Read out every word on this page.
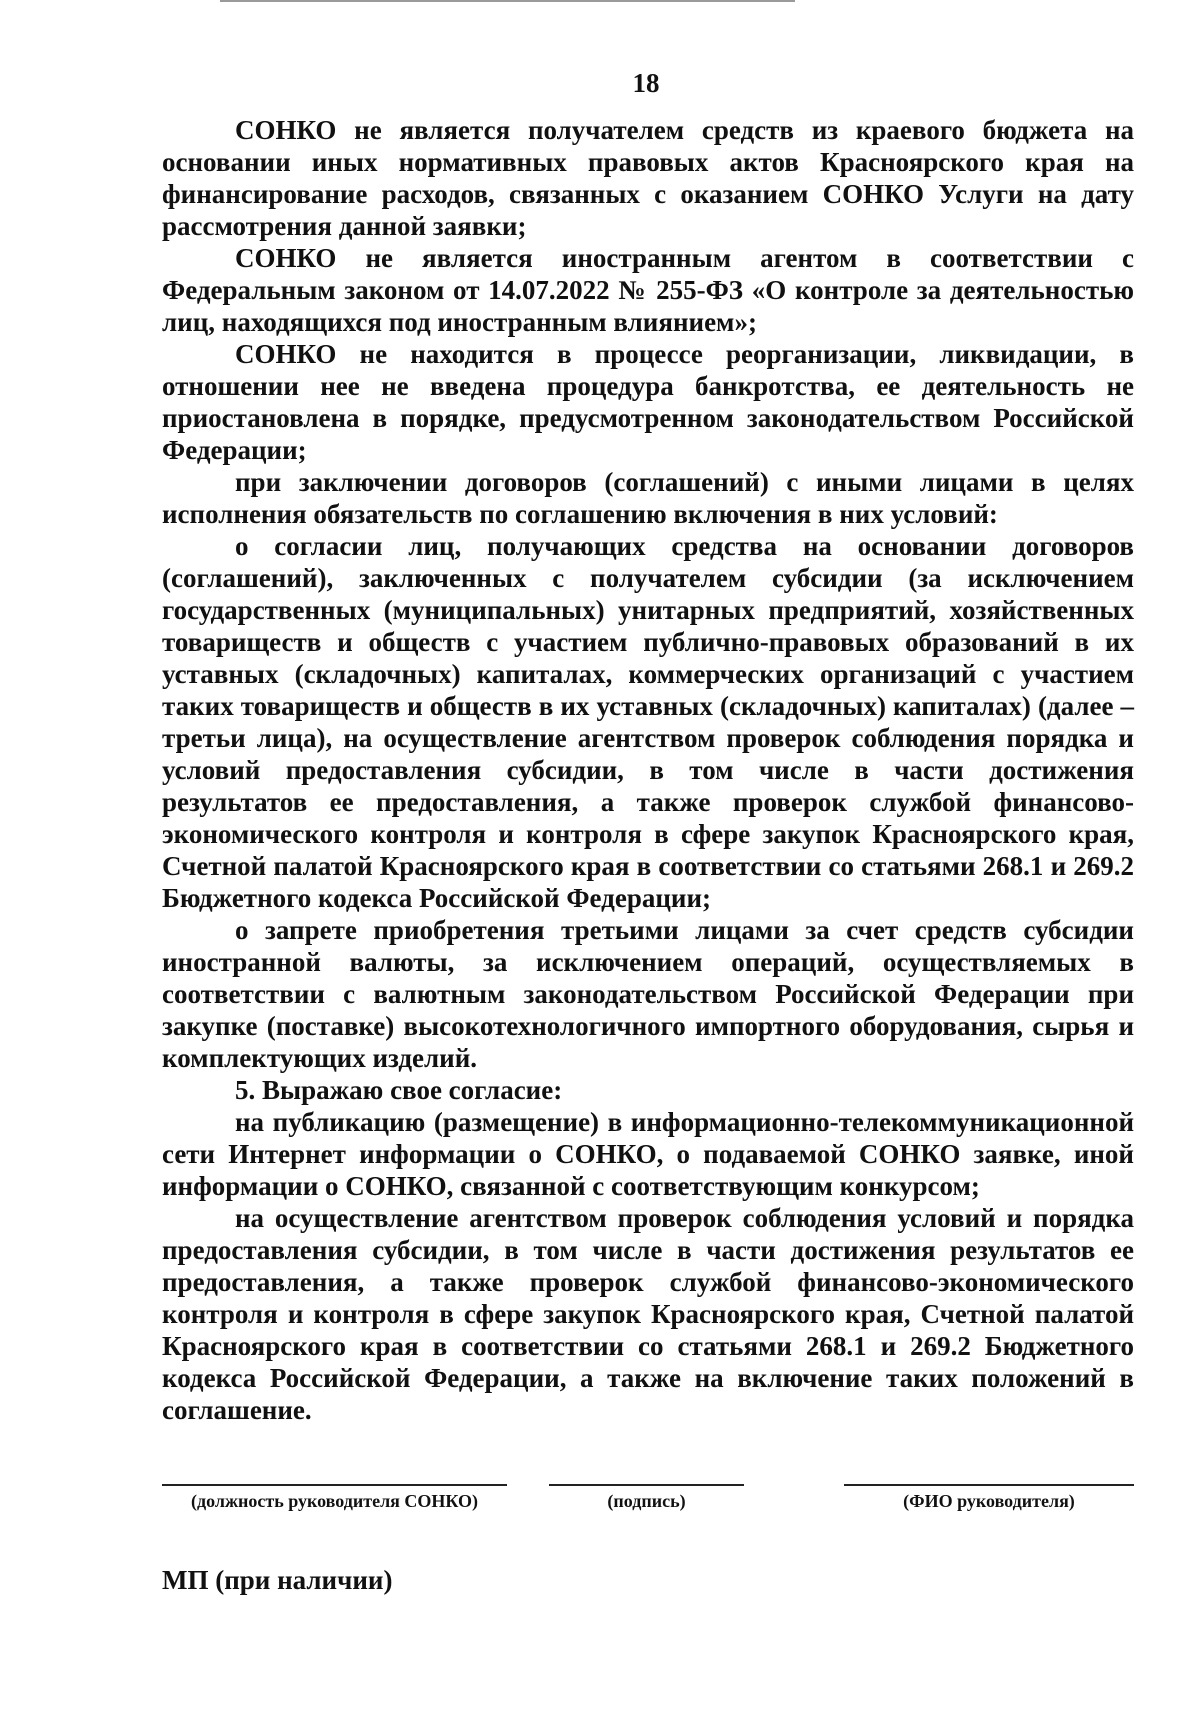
18

СОНКО не является получателем средств из краевого бюджета на основании иных нормативных правовых актов Красноярского края на финансирование расходов, связанных с оказанием СОНКО Услуги на дату рассмотрения данной заявки;

СОНКО не является иностранным агентом в соответствии с Федеральным законом от 14.07.2022 № 255-ФЗ «О контроле за деятельностью лиц, находящихся под иностранным влиянием»;

СОНКО не находится в процессе реорганизации, ликвидации, в отношении нее не введена процедура банкротства, ее деятельность не приостановлена в порядке, предусмотренном законодательством Российской Федерации;

при заключении договоров (соглашений) с иными лицами в целях исполнения обязательств по соглашению включения в них условий:

о согласии лиц, получающих средства на основании договоров (соглашений), заключенных с получателем субсидии (за исключением государственных (муниципальных) унитарных предприятий, хозяйственных товариществ и обществ с участием публично-правовых образований в их уставных (складочных) капиталах, коммерческих организаций с участием таких товариществ и обществ в их уставных (складочных) капиталах) (далее – третьи лица), на осуществление агентством проверок соблюдения порядка и условий предоставления субсидии, в том числе в части достижения результатов ее предоставления, а также проверок службой финансово-экономического контроля и контроля в сфере закупок Красноярского края, Счетной палатой Красноярского края в соответствии со статьями 268.1 и 269.2 Бюджетного кодекса Российской Федерации;

о запрете приобретения третьими лицами за счет средств субсидии иностранной валюты, за исключением операций, осуществляемых в соответствии с валютным законодательством Российской Федерации при закупке (поставке) высокотехнологичного импортного оборудования, сырья и комплектующих изделий.

5. Выражаю свое согласие:

на публикацию (размещение) в информационно-телекоммуникационной сети Интернет информации о СОНКО, о подаваемой СОНКО заявке, иной информации о СОНКО, связанной с соответствующим конкурсом;

на осуществление агентством проверок соблюдения условий и порядка предоставления субсидии, в том числе в части достижения результатов ее предоставления, а также проверок службой финансово-экономического контроля и контроля в сфере закупок Красноярского края, Счетной палатой Красноярского края в соответствии со статьями 268.1 и 269.2 Бюджетного кодекса Российской Федерации, а также на включение таких положений в соглашение.

(должность руководителя СОНКО)	(подпись)	(ФИО руководителя)
МП (при наличии)
